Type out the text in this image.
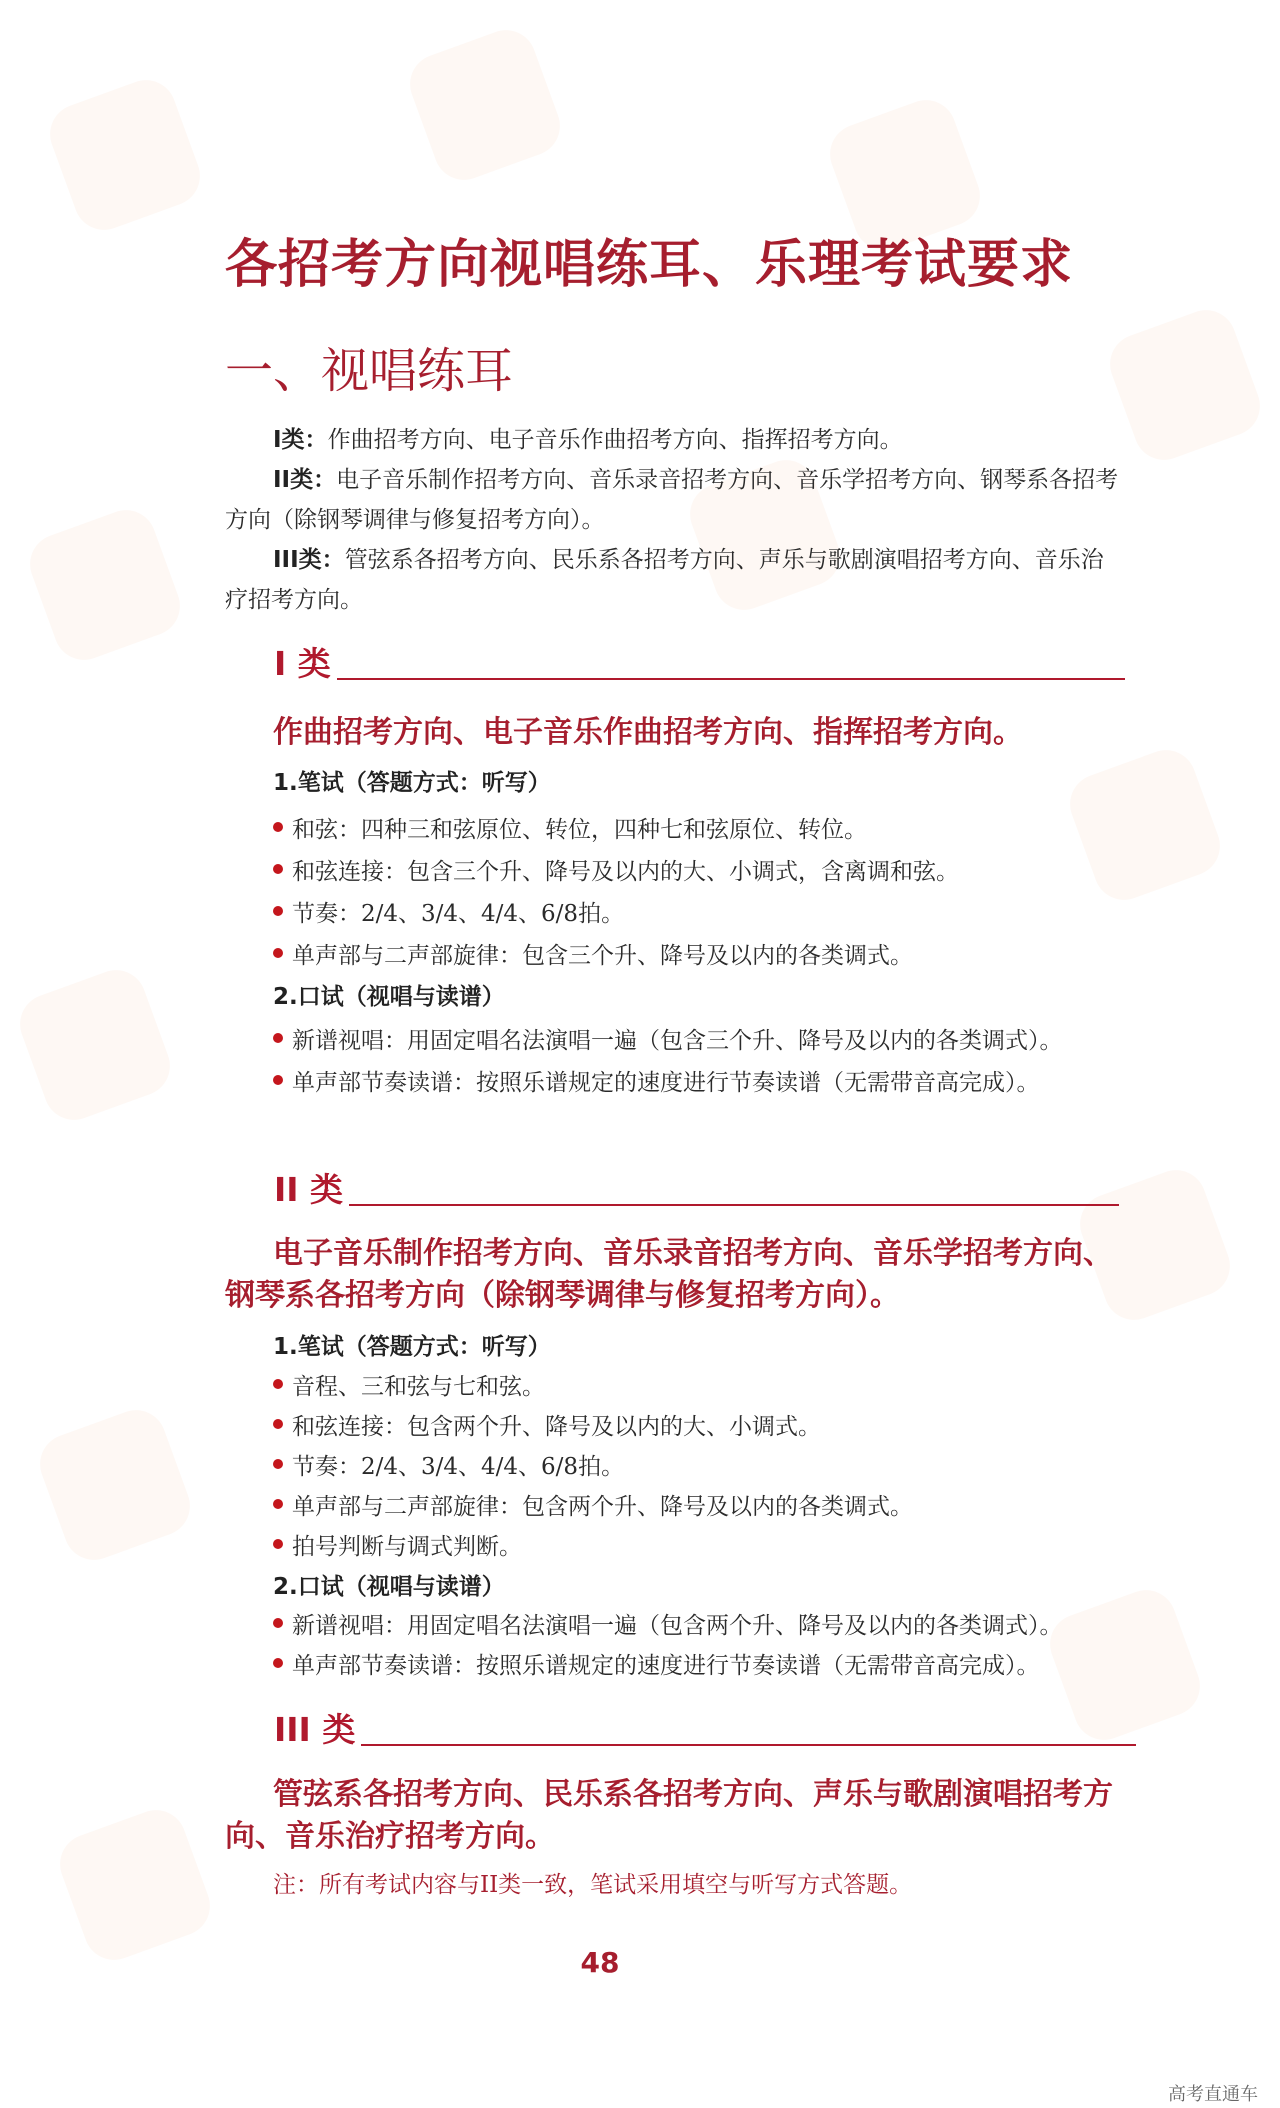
各招考方向视唱练耳、乐理考试要求
一、视唱练耳

I类：作曲招考方向、电子音乐作曲招考方向、指挥招考方向。

II类：电子音乐制作招考方向、音乐录音招考方向、音乐学招考方向、钢琴系各招考方向（除钢琴调律与修复招考方向）。

III类：管弦系各招考方向、民乐系各招考方向、声乐与歌剧演唱招考方向、音乐治疗招考方向。

I 类

作曲招考方向、电子音乐作曲招考方向、指挥招考方向。

1.笔试（答题方式：听写）
和弦：四种三和弦原位、转位，四种七和弦原位、转位。
和弦连接：包含三个升、降号及以内的大、小调式，含离调和弦。
节奏：2/4、3/4、4/4、6/8拍。
单声部与二声部旋律：包含三个升、降号及以内的各类调式。
2.口试（视唱与读谱）
新谱视唱：用固定唱名法演唱一遍（包含三个升、降号及以内的各类调式）。
单声部节奏读谱：按照乐谱规定的速度进行节奏读谱（无需带音高完成）。
II 类

电子音乐制作招考方向、音乐录音招考方向、音乐学招考方向、钢琴系各招考方向（除钢琴调律与修复招考方向）。

1.笔试（答题方式：听写）
音程、三和弦与七和弦。
和弦连接：包含两个升、降号及以内的大、小调式。
节奏：2/4、3/4、4/4、6/8拍。
单声部与二声部旋律：包含两个升、降号及以内的各类调式。
拍号判断与调式判断。
2.口试（视唱与读谱）
新谱视唱：用固定唱名法演唱一遍（包含两个升、降号及以内的各类调式）。
单声部节奏读谱：按照乐谱规定的速度进行节奏读谱（无需带音高完成）。
III 类

管弦系各招考方向、民乐系各招考方向、声乐与歌剧演唱招考方向、音乐治疗招考方向。

注：所有考试内容与II类一致，笔试采用填空与听写方式答题。
48
高考直通车
